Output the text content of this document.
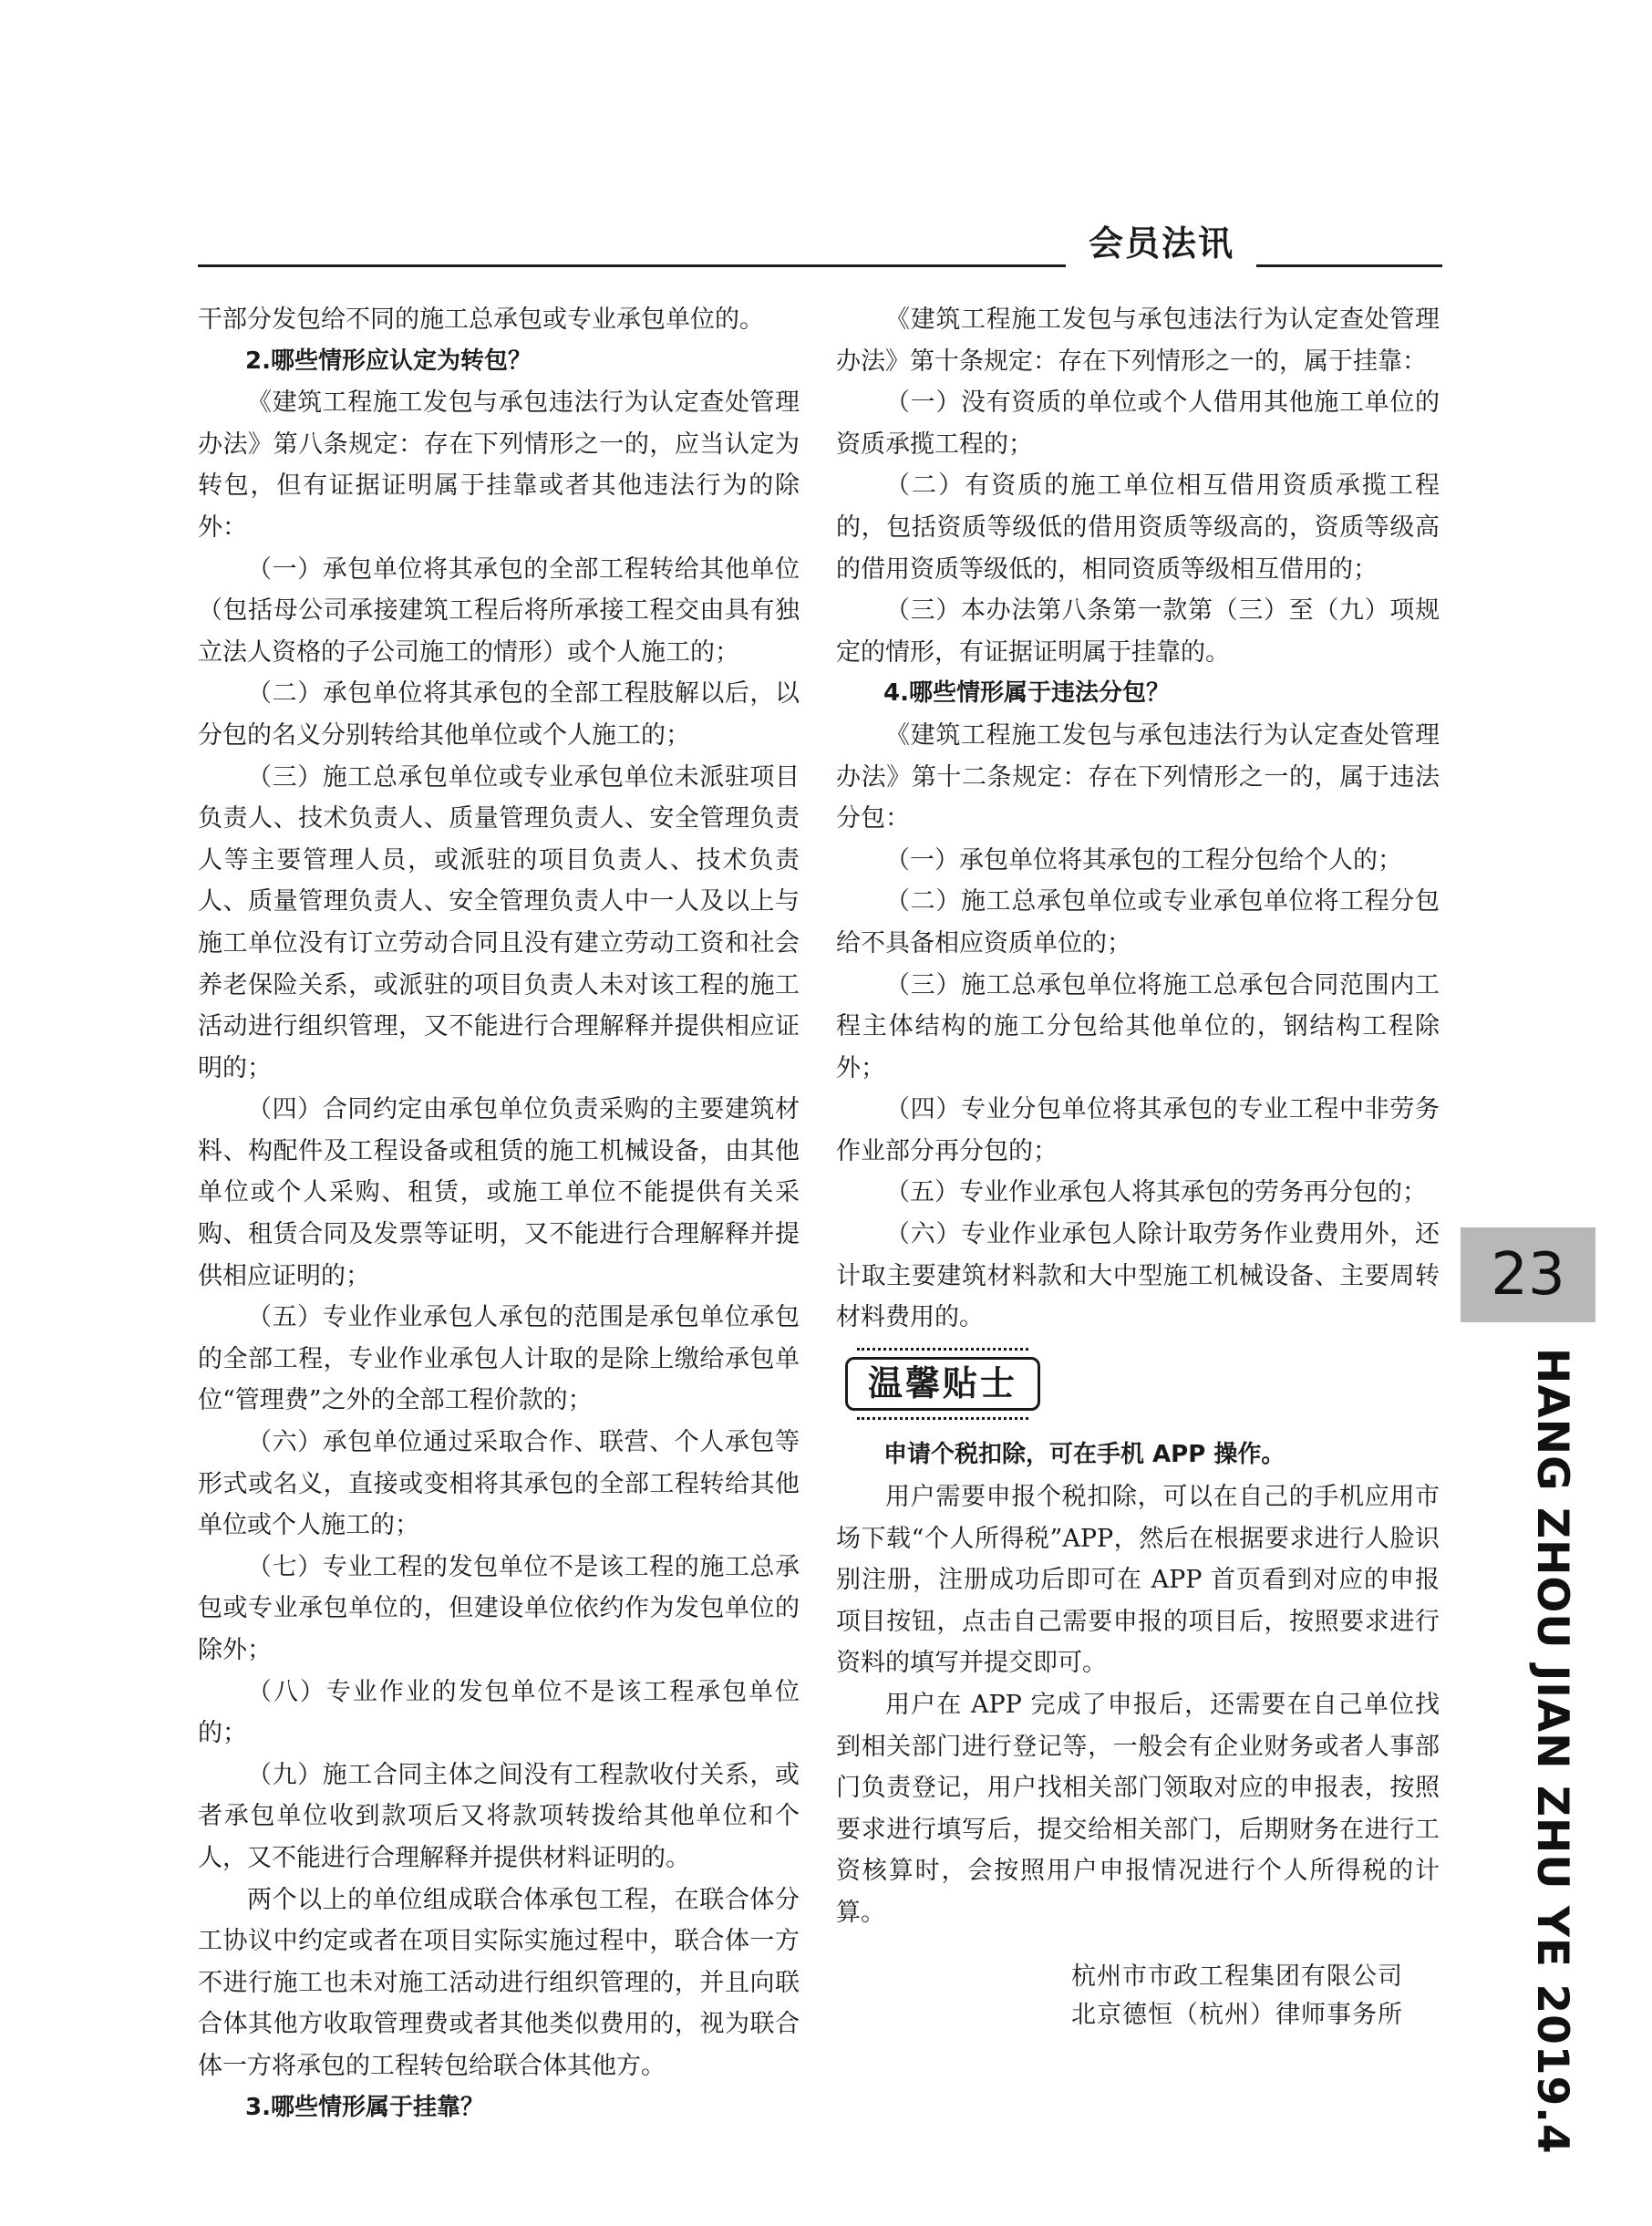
会员法讯

干部分发包给不同的施工总承包或专业承包单位的。

2.哪些情形应认定为转包？

《建筑工程施工发包与承包违法行为认定查处管理办法》第八条规定：存在下列情形之一的，应当认定为转包，但有证据证明属于挂靠或者其他违法行为的除外：

（一）承包单位将其承包的全部工程转给其他单位（包括母公司承接建筑工程后将所承接工程交由具有独立法人资格的子公司施工的情形）或个人施工的；

（二）承包单位将其承包的全部工程肢解以后，以分包的名义分别转给其他单位或个人施工的；

（三）施工总承包单位或专业承包单位未派驻项目负责人、技术负责人、质量管理负责人、安全管理负责人等主要管理人员，或派驻的项目负责人、技术负责人、质量管理负责人、安全管理负责人中一人及以上与施工单位没有订立劳动合同且没有建立劳动工资和社会养老保险关系，或派驻的项目负责人未对该工程的施工活动进行组织管理，又不能进行合理解释并提供相应证明的；

（四）合同约定由承包单位负责采购的主要建筑材料、构配件及工程设备或租赁的施工机械设备，由其他单位或个人采购、租赁，或施工单位不能提供有关采购、租赁合同及发票等证明，又不能进行合理解释并提供相应证明的；

（五）专业作业承包人承包的范围是承包单位承包的全部工程，专业作业承包人计取的是除上缴给承包单位“管理费”之外的全部工程价款的；

（六）承包单位通过采取合作、联营、个人承包等形式或名义，直接或变相将其承包的全部工程转给其他单位或个人施工的；

（七）专业工程的发包单位不是该工程的施工总承包或专业承包单位的，但建设单位依约作为发包单位的除外；

（八）专业作业的发包单位不是该工程承包单位的；

（九）施工合同主体之间没有工程款收付关系，或者承包单位收到款项后又将款项转拨给其他单位和个人，又不能进行合理解释并提供材料证明的。

两个以上的单位组成联合体承包工程，在联合体分工协议中约定或者在项目实际实施过程中，联合体一方不进行施工也未对施工活动进行组织管理的，并且向联合体其他方收取管理费或者其他类似费用的，视为联合体一方将承包的工程转包给联合体其他方。

3.哪些情形属于挂靠？

《建筑工程施工发包与承包违法行为认定查处管理办法》第十条规定：存在下列情形之一的，属于挂靠：

（一）没有资质的单位或个人借用其他施工单位的资质承揽工程的；

（二）有资质的施工单位相互借用资质承揽工程的，包括资质等级低的借用资质等级高的，资质等级高的借用资质等级低的，相同资质等级相互借用的；

（三）本办法第八条第一款第（三）至（九）项规定的情形，有证据证明属于挂靠的。

4.哪些情形属于违法分包？

《建筑工程施工发包与承包违法行为认定查处管理办法》第十二条规定：存在下列情形之一的，属于违法分包：

（一）承包单位将其承包的工程分包给个人的；

（二）施工总承包单位或专业承包单位将工程分包给不具备相应资质单位的；

（三）施工总承包单位将施工总承包合同范围内工程主体结构的施工分包给其他单位的，钢结构工程除外；

（四）专业分包单位将其承包的专业工程中非劳务作业部分再分包的；

（五）专业作业承包人将其承包的劳务再分包的；

（六）专业作业承包人除计取劳务作业费用外，还计取主要建筑材料款和大中型施工机械设备、主要周转材料费用的。

温馨贴士

申请个税扣除，可在手机 APP 操作。

用户需要申报个税扣除，可以在自己的手机应用市场下载“个人所得税”APP，然后在根据要求进行人脸识别注册，注册成功后即可在 APP 首页看到对应的申报项目按钮，点击自己需要申报的项目后，按照要求进行资料的填写并提交即可。

用户在 APP 完成了申报后，还需要在自己单位找到相关部门进行登记等，一般会有企业财务或者人事部门负责登记，用户找相关部门领取对应的申报表，按照要求进行填写后，提交给相关部门，后期财务在进行工资核算时，会按照用户申报情况进行个人所得税的计算。

杭州市市政工程集团有限公司
北京德恒（杭州）律师事务所
23
HANG ZHOU JIAN ZHU YE 2019.4
